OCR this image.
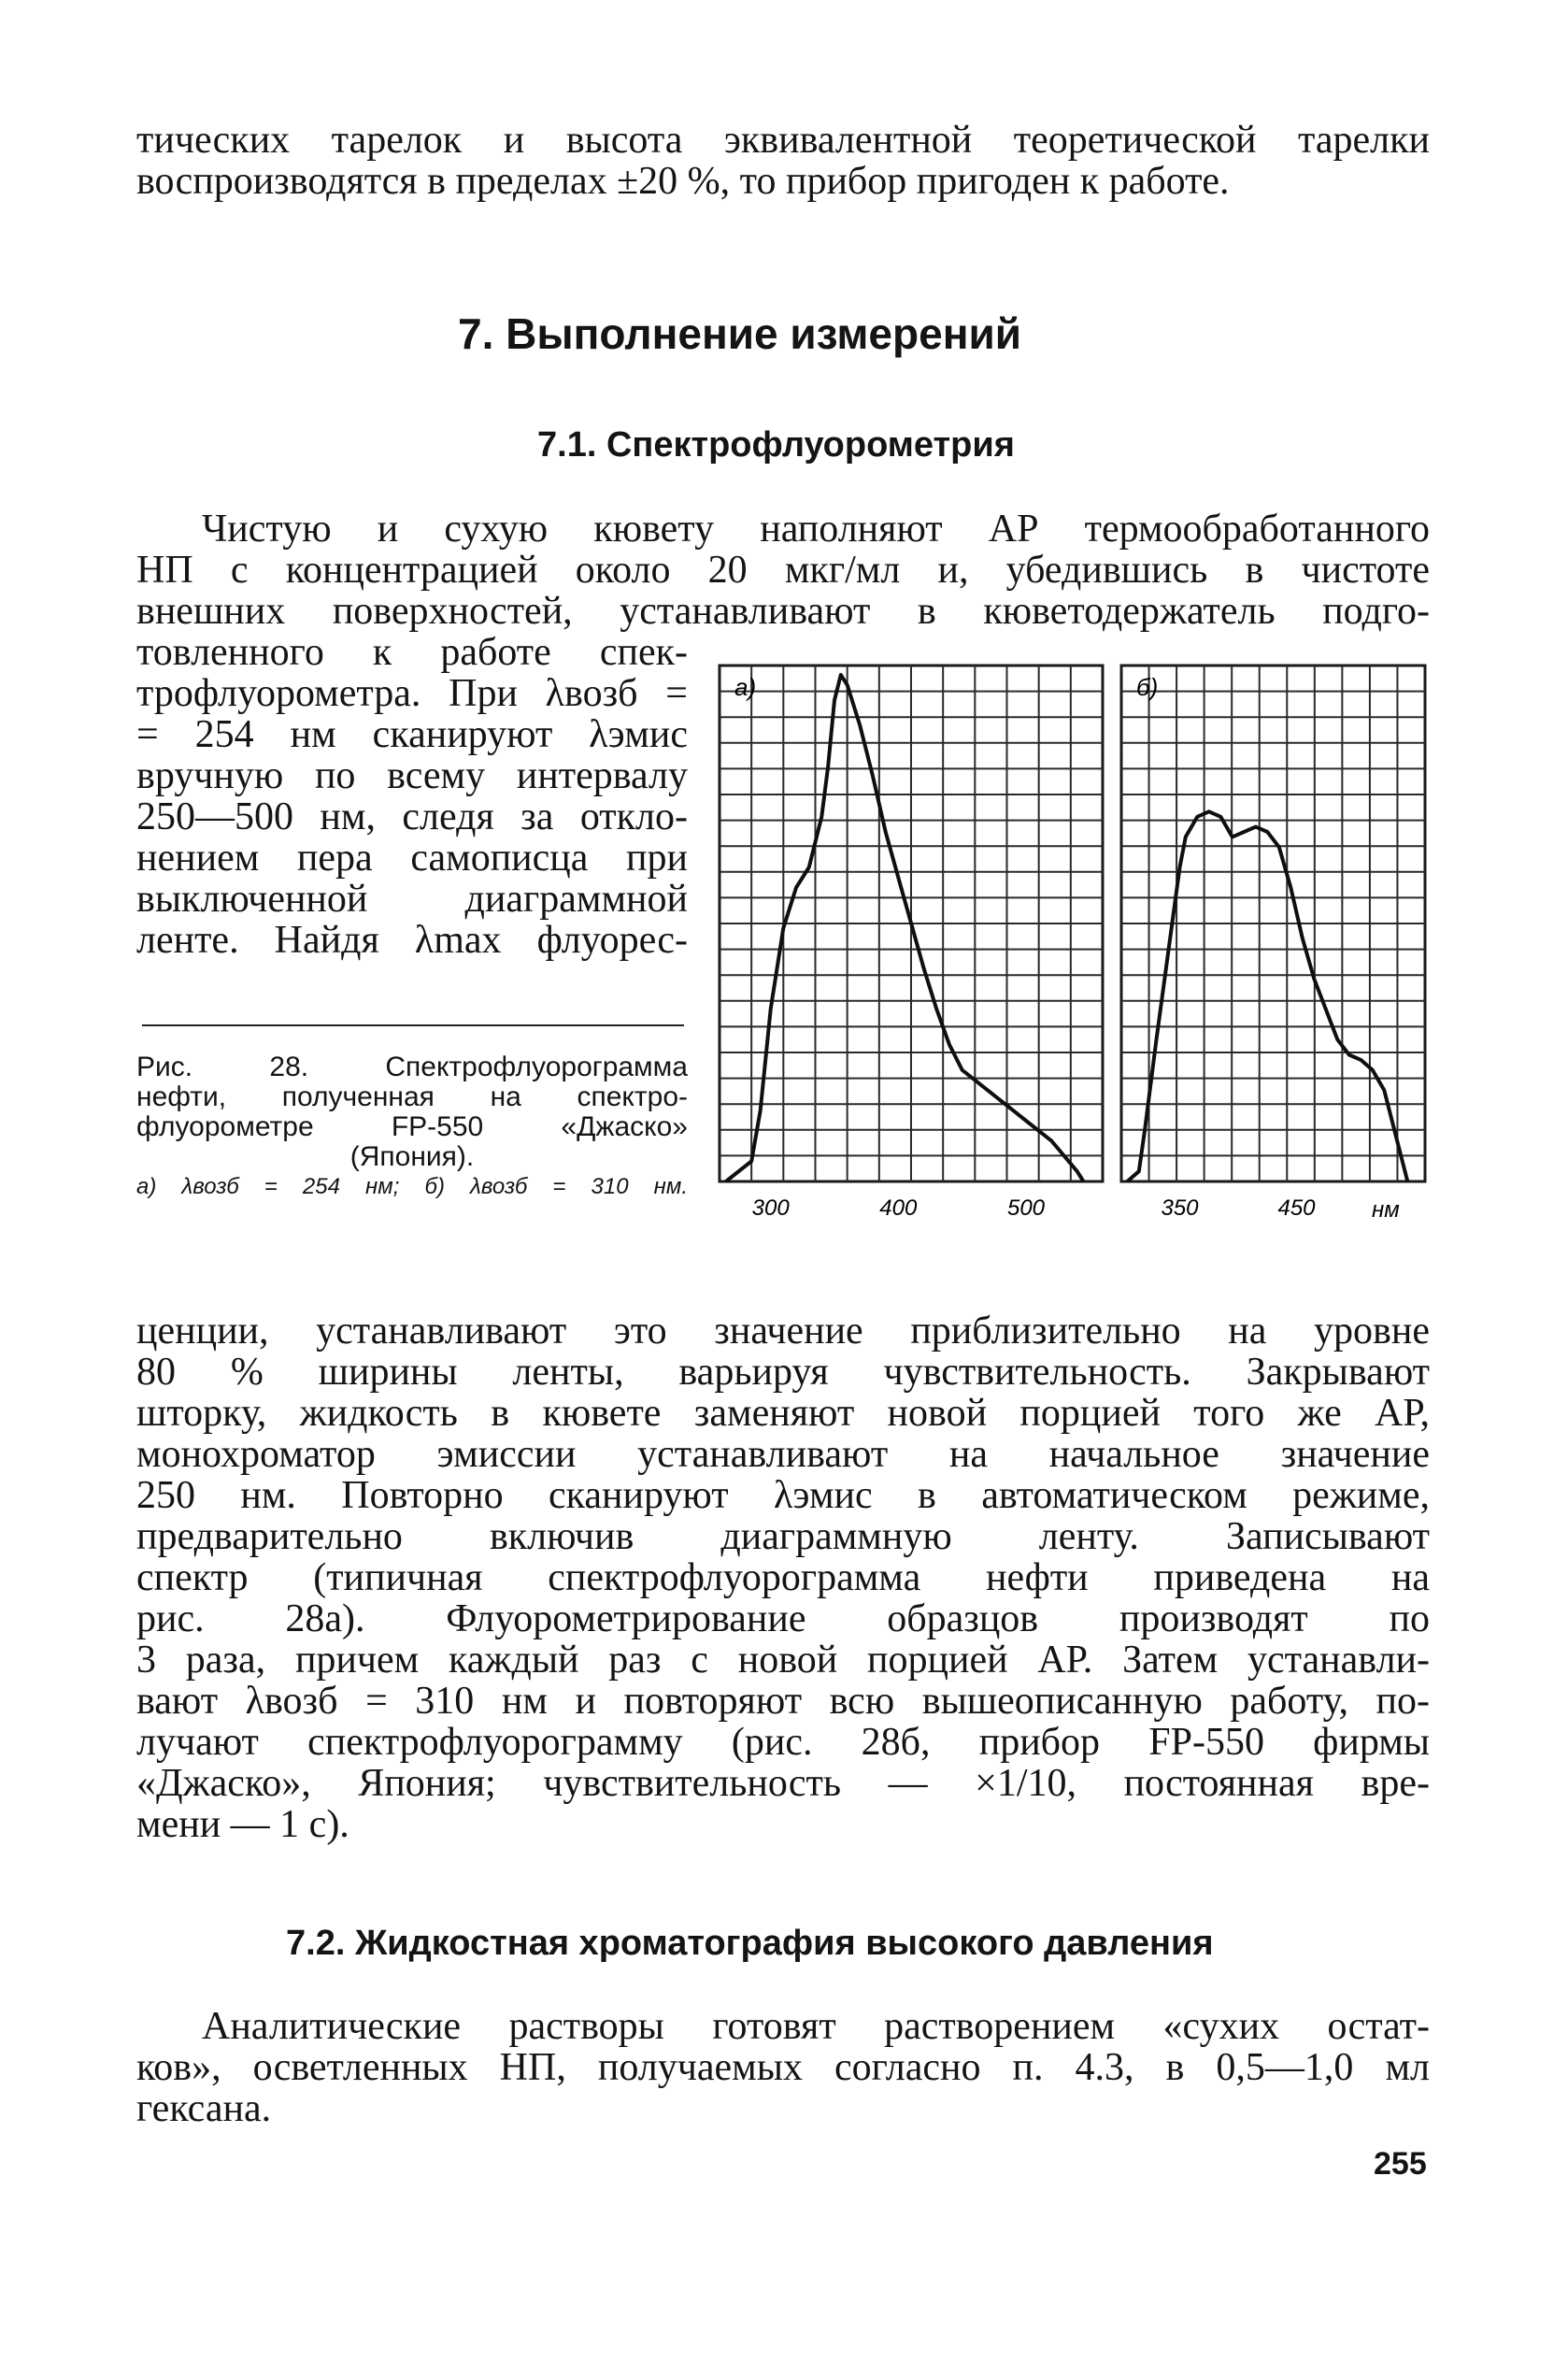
тических тарелок и высота эквивалентной теоретической тарелки
воспроизводятся в пределах ±20 %, то прибор пригоден к работе.
7. Выполнение измерений
7.1. Спектрофлуорометрия
Чистую и сухую кювету наполняют АР термообработанного
НП с концентрацией около 20 мкг/мл и, убедившись в чистоте
внешних поверхностей, устанавливают в кюветодержатель подго-
товленного к работе спек-
трофлуорометра. При λвозб =
= 254 нм сканируют λэмис
вручную по всему интервалу
250—500 нм, следя за откло-
нением пера самописца при
выключенной диаграммной
ленте. Найдя λmax флуорес-
Рис. 28. Спектрофлуорограмма
нефти, полученная на спектро-
флуорометре FP-550 «Джаско»
(Япония).
а) λвозб = 254 нм; б) λвозб = 310 нм.
300	400	500	350	450
а)	б)
нм
ценции, устанавливают это значение приблизительно на уровне
80 % ширины ленты, варьируя чувствительность. Закрывают
шторку, жидкость в кювете заменяют новой порцией того же АР,
монохроматор эмиссии устанавливают на начальное значение
250 нм. Повторно сканируют λэмис в автоматическом режиме,
предварительно включив диаграммную ленту. Записывают
спектр (типичная спектрофлуорограмма нефти приведена на
рис. 28а). Флуорометрирование образцов производят по
3 раза, причем каждый раз с новой порцией АР. Затем устанавли-
вают λвозб = 310 нм и повторяют всю вышеописанную работу, по-
лучают спектрофлуорограмму (рис. 28б, прибор FP-550 фирмы
«Джаско», Япония; чувствительность — ×1/10, постоянная вре-
мени — 1 с).
7.2. Жидкостная хроматография высокого давления
Аналитические растворы готовят растворением «сухих остат-
ков», осветленных НП, получаемых согласно п. 4.3, в 0,5—1,0 мл
гексана.
255
